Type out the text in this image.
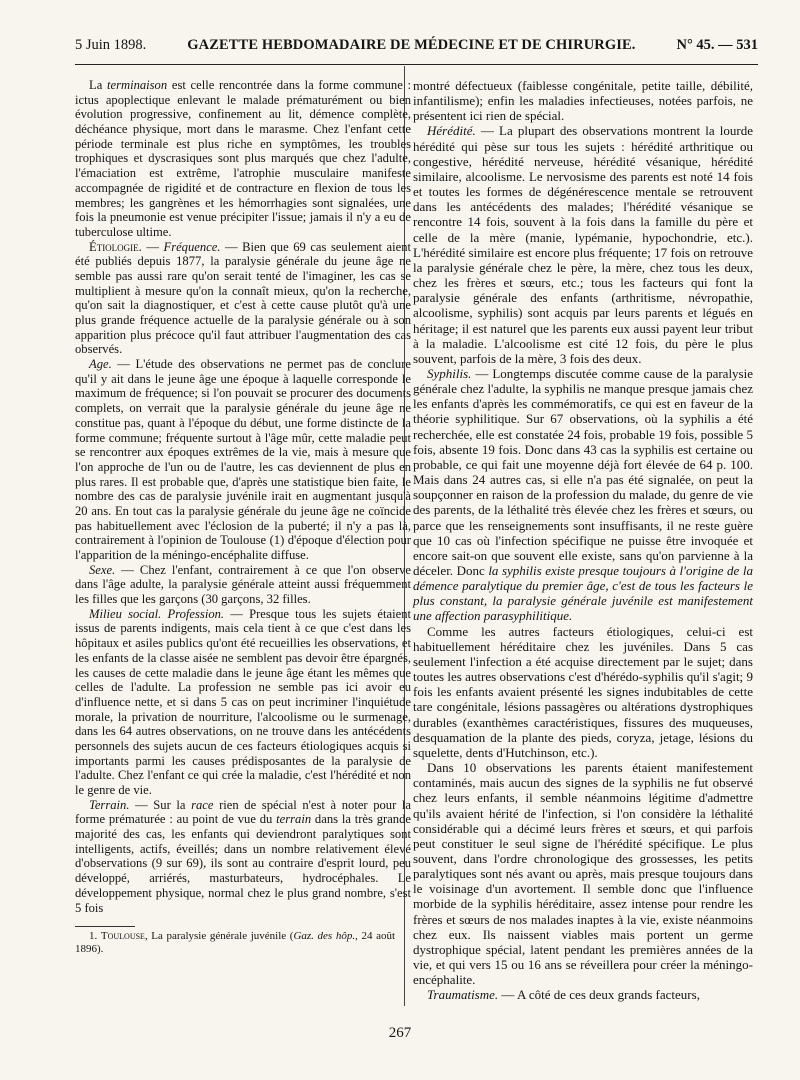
5 Juin 1898.	GAZETTE HEBDOMADAIRE DE MÉDECINE ET DE CHIRURGIE.	N° 45. — 531

La terminaison est celle rencontrée dans la forme commune : ictus apoplectique enlevant le malade prématurément ou bien évolution progressive, confinement au lit, démence complète, déchéance physique, mort dans le marasme. Chez l'enfant cette période terminale est plus riche en symptômes, les troubles trophiques et dyscrasiques sont plus marqués que chez l'adulte, l'émaciation est extrême, l'atrophie musculaire manifeste accompagnée de rigidité et de contracture en flexion de tous les membres; les gangrènes et les hémorrhagies sont signalées, une fois la pneumonie est venue précipiter l'issue; jamais il n'y a eu de tuberculose ultime.

Étiologie. — Fréquence. — Bien que 69 cas seulement aient été publiés depuis 1877, la paralysie générale du jeune âge ne semble pas aussi rare qu'on serait tenté de l'imaginer, les cas se multiplient à mesure qu'on la connaît mieux, qu'on la recherche, qu'on sait la diagnostiquer, et c'est à cette cause plutôt qu'à une plus grande fréquence actuelle de la paralysie générale ou à son apparition plus précoce qu'il faut attribuer l'augmentation des cas observés.

Age. — L'étude des observations ne permet pas de conclure qu'il y ait dans le jeune âge une époque à laquelle corresponde le maximum de fréquence; si l'on pouvait se procurer des documents complets, on verrait que la paralysie générale du jeune âge ne constitue pas, quant à l'époque du début, une forme distincte de la forme commune; fréquente surtout à l'âge mûr, cette maladie peut se rencontrer aux époques extrêmes de la vie, mais à mesure que l'on approche de l'un ou de l'autre, les cas deviennent de plus en plus rares. Il est probable que, d'après une statistique bien faite, le nombre des cas de paralysie juvénile irait en augmentant jusqu'à 20 ans. En tout cas la paralysie générale du jeune âge ne coïncide pas habituellement avec l'éclosion de la puberté; il n'y a pas là, contrairement à l'opinion de Toulouse (1) d'époque d'élection pour l'apparition de la méningo-encéphalite diffuse.

Sexe. — Chez l'enfant, contrairement à ce que l'on observe dans l'âge adulte, la paralysie générale atteint aussi fréquemment les filles que les garçons (30 garçons, 32 filles.

Milieu social. Profession. — Presque tous les sujets étaient issus de parents indigents, mais cela tient à ce que c'est dans les hôpitaux et asiles publics qu'ont été recueillies les observations, et les enfants de la classe aisée ne semblent pas devoir être épargnés, les causes de cette maladie dans le jeune âge étant les mêmes que celles de l'adulte. La profession ne semble pas ici avoir eu d'influence nette, et si dans 5 cas on peut incriminer l'inquiétude morale, la privation de nourriture, l'alcoolisme ou le surmenage, dans les 64 autres observations, on ne trouve dans les antécédents personnels des sujets aucun de ces facteurs étiologiques acquis si importants parmi les causes prédisposantes de la paralysie de l'adulte. Chez l'enfant ce qui crée la maladie, c'est l'hérédité et non le genre de vie.

Terrain. — Sur la race rien de spécial n'est à noter pour la forme prématurée : au point de vue du terrain dans la très grande majorité des cas, les enfants qui deviendront paralytiques sont intelligents, actifs, éveillés; dans un nombre relativement élevé d'observations (9 sur 69), ils sont au contraire d'esprit lourd, peu développé, arriérés, masturbateurs, hydrocéphales. Le développement physique, normal chez le plus grand nombre, s'est 5 fois

1. Toulouse, La paralysie générale juvénile (Gaz. des hôp., 24 août 1896).

montré défectueux (faiblesse congénitale, petite taille, débilité, infantilisme); enfin les maladies infectieuses, notées parfois, ne présentent ici rien de spécial.

Hérédité. — La plupart des observations montrent la lourde hérédité qui pèse sur tous les sujets : hérédité arthritique ou congestive, hérédité nerveuse, hérédité vésanique, hérédité similaire, alcoolisme. Le nervosisme des parents est noté 14 fois et toutes les formes de dégénérescence mentale se retrouvent dans les antécédents des malades; l'hérédité vésanique se rencontre 14 fois, souvent à la fois dans la famille du père et celle de la mère (manie, lypémanie, hypochondrie, etc.). L'hérédité similaire est encore plus fréquente; 17 fois on retrouve la paralysie générale chez le père, la mère, chez tous les deux, chez les frères et sœurs, etc.; tous les facteurs qui font la paralysie générale des enfants (arthritisme, névropathie, alcoolisme, syphilis) sont acquis par leurs parents et légués en héritage; il est naturel que les parents eux aussi payent leur tribut à la maladie. L'alcoolisme est cité 12 fois, du père le plus souvent, parfois de la mère, 3 fois des deux.

Syphilis. — Longtemps discutée comme cause de la paralysie générale chez l'adulte, la syphilis ne manque presque jamais chez les enfants d'après les commémoratifs, ce qui est en faveur de la théorie syphilitique. Sur 67 observations, où la syphilis a été recherchée, elle est constatée 24 fois, probable 19 fois, possible 5 fois, absente 19 fois. Donc dans 43 cas la syphilis est certaine ou probable, ce qui fait une moyenne déjà fort élevée de 64 p. 100. Mais dans 24 autres cas, si elle n'a pas été signalée, on peut la soupçonner en raison de la profession du malade, du genre de vie des parents, de la léthalité très élevée chez les frères et sœurs, ou parce que les renseignements sont insuffisants, il ne reste guère que 10 cas où l'infection spécifique ne puisse être invoquée et encore sait-on que souvent elle existe, sans qu'on parvienne à la déceler. Donc la syphilis existe presque toujours à l'origine de la démence paralytique du premier âge, c'est de tous les facteurs le plus constant, la paralysie générale juvénile est manifestement une affection parasyphilitique.

Comme les autres facteurs étiologiques, celui-ci est habituellement héréditaire chez les juvéniles. Dans 5 cas seulement l'infection a été acquise directement par le sujet; dans toutes les autres observations c'est d'hérédo-syphilis qu'il s'agit; 9 fois les enfants avaient présenté les signes indubitables de cette tare congénitale, lésions passagères ou altérations dystrophiques durables (exanthèmes caractéristiques, fissures des muqueuses, desquamation de la plante des pieds, coryza, jetage, lésions du squelette, dents d'Hutchinson, etc.).

Dans 10 observations les parents étaient manifestement contaminés, mais aucun des signes de la syphilis ne fut observé chez leurs enfants, il semble néanmoins légitime d'admettre qu'ils avaient hérité de l'infection, si l'on considère la léthalité considérable qui a décimé leurs frères et sœurs, et qui parfois peut constituer le seul signe de l'hérédité spécifique. Le plus souvent, dans l'ordre chronologique des grossesses, les petits paralytiques sont nés avant ou après, mais presque toujours dans le voisinage d'un avortement. Il semble donc que l'influence morbide de la syphilis héréditaire, assez intense pour rendre les frères et sœurs de nos malades inaptes à la vie, existe néanmoins chez eux. Ils naissent viables mais portent un germe dystrophique spécial, latent pendant les premières années de la vie, et qui vers 15 ou 16 ans se réveillera pour créer la méningo-encéphalite.

Traumatisme. — A côté de ces deux grands facteurs,

267
